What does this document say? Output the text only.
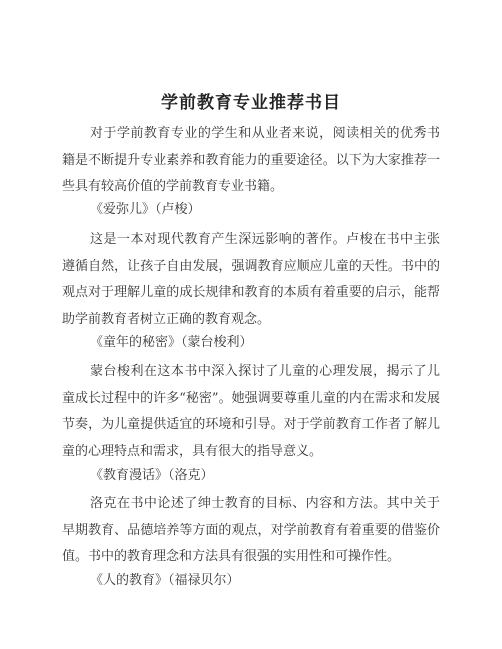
学前教育专业推荐书目

对于学前教育专业的学生和从业者来说，阅读相关的优秀书籍是不断提升专业素养和教育能力的重要途径。以下为大家推荐一些具有较高价值的学前教育专业书籍。

《爱弥儿》（卢梭）

这是一本对现代教育产生深远影响的著作。卢梭在书中主张遵循自然，让孩子自由发展，强调教育应顺应儿童的天性。书中的观点对于理解儿童的成长规律和教育的本质有着重要的启示，能帮助学前教育者树立正确的教育观念。

《童年的秘密》（蒙台梭利）

蒙台梭利在这本书中深入探讨了儿童的心理发展，揭示了儿童成长过程中的许多“秘密”。她强调要尊重儿童的内在需求和发展节奏，为儿童提供适宜的环境和引导。对于学前教育工作者了解儿童的心理特点和需求，具有很大的指导意义。

《教育漫话》（洛克）

洛克在书中论述了绅士教育的目标、内容和方法。其中关于早期教育、品德培养等方面的观点，对学前教育有着重要的借鉴价值。书中的教育理念和方法具有很强的实用性和可操作性。

《人的教育》（福禄贝尔）
